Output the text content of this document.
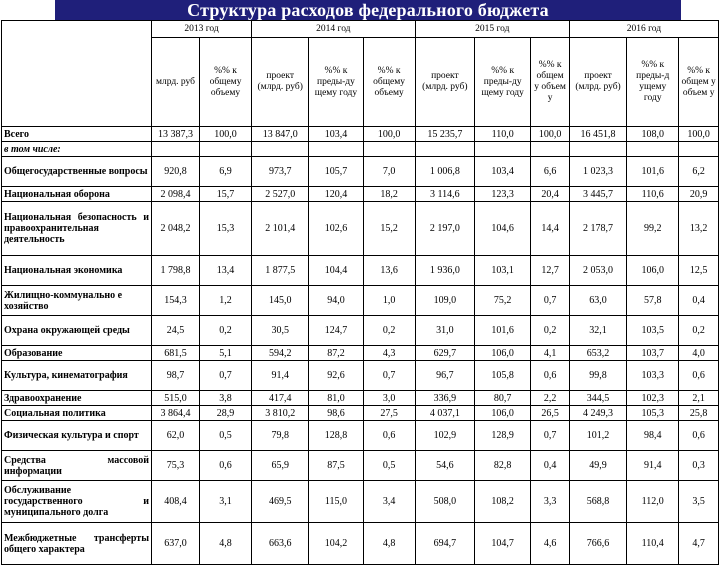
Структура расходов федерального бюджета
	2013 год		2014 год			2015 год			2016 год		
	млрд. руб	%% к общему объему	проект (млрд. руб)	%% к преды-ду щему году	%% к общему объему	проект (млрд. руб)	%% к преды-ду щему году	%% к общем у объем у	проект (млрд. руб)	%% к преды-д ущему году	%% к общем у объем у
Всего	13 387,3	100,0	13 847,0	103,4	100,0	15 235,7	110,0	100,0	16 451,8	108,0	100,0
в том числе:											
Общегосударственные вопросы	920,8	6,9	973,7	105,7	7,0	1 006,8	103,4	6,6	1 023,3	101,6	6,2
Национальная оборона	2 098,4	15,7	2 527,0	120,4	18,2	3 114,6	123,3	20,4	3 445,7	110,6	20,9
Национальная безопасность и правоохранительная деятельность	2 048,2	15,3	2 101,4	102,6	15,2	2 197,0	104,6	14,4	2 178,7	99,2	13,2
Национальная экономика	1 798,8	13,4	1 877,5	104,4	13,6	1 936,0	103,1	12,7	2 053,0	106,0	12,5
Жилищно-коммунально е хозяйство	154,3	1,2	145,0	94,0	1,0	109,0	75,2	0,7	63,0	57,8	0,4
Охрана окружающей среды	24,5	0,2	30,5	124,7	0,2	31,0	101,6	0,2	32,1	103,5	0,2
Образование	681,5	5,1	594,2	87,2	4,3	629,7	106,0	4,1	653,2	103,7	4,0
Культура, кинематография	98,7	0,7	91,4	92,6	0,7	96,7	105,8	0,6	99,8	103,3	0,6
Здравоохранение	515,0	3,8	417,4	81,0	3,0	336,9	80,7	2,2	344,5	102,3	2,1
Социальная политика	3 864,4	28,9	3 810,2	98,6	27,5	4 037,1	106,0	26,5	4 249,3	105,3	25,8
Физическая культура и спорт	62,0	0,5	79,8	128,8	0,6	102,9	128,9	0,7	101,2	98,4	0,6
Средства массовой информации	75,3	0,6	65,9	87,5	0,5	54,6	82,8	0,4	49,9	91,4	0,3
Обслуживание государственного и муниципального долга	408,4	3,1	469,5	115,0	3,4	508,0	108,2	3,3	568,8	112,0	3,5
Межбюджетные трансферты общего характера	637,0	4,8	663,6	104,2	4,8	694,7	104,7	4,6	766,6	110,4	4,7
